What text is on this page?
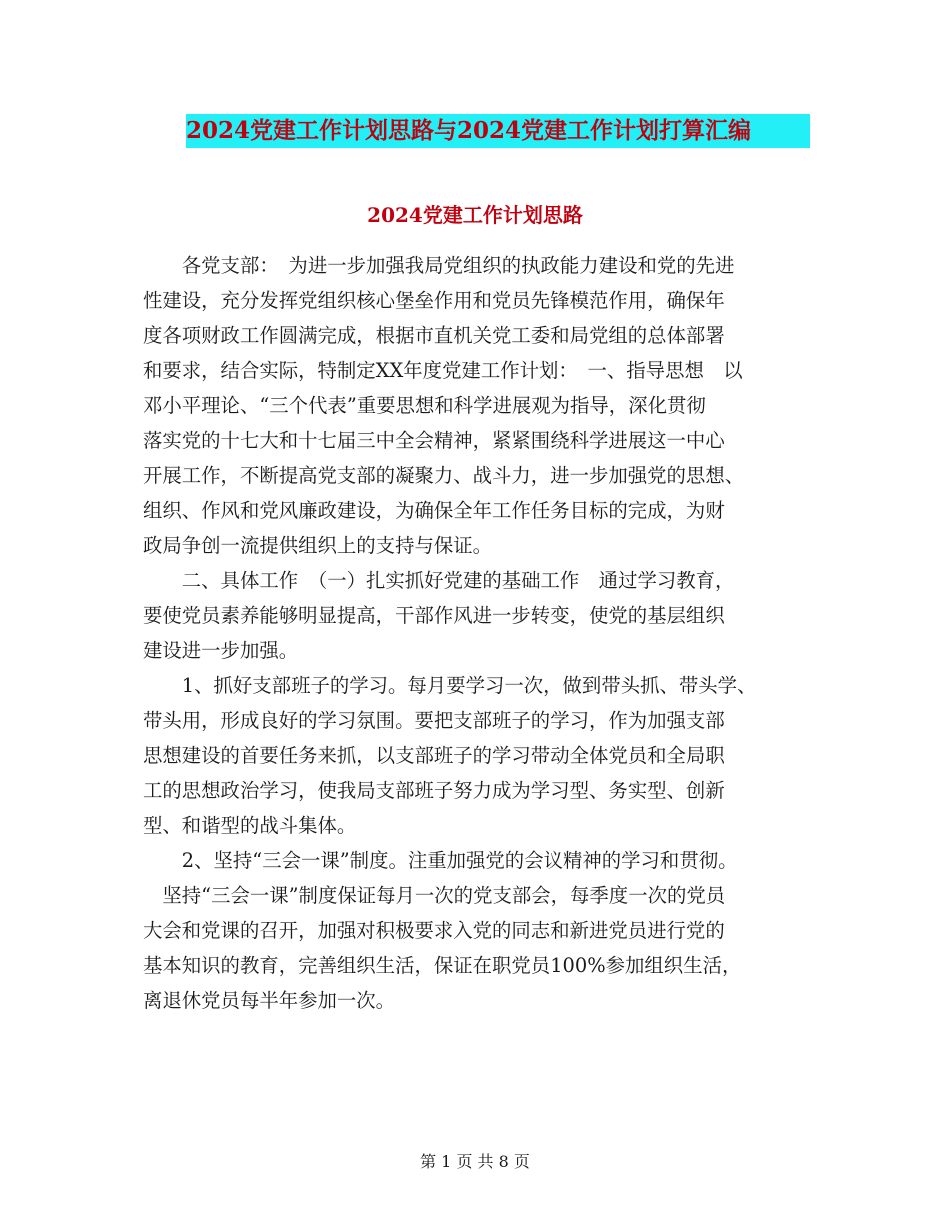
2024党建工作计划思路与2024党建工作计划打算汇编
2024党建工作计划思路
　　各党支部：　为进一步加强我局党组织的执政能力建设和党的先进
性建设，充分发挥党组织核心堡垒作用和党员先锋模范作用，确保年
度各项财政工作圆满完成，根据市直机关党工委和局党组的总体部署
和要求，结合实际，特制定XX年度党建工作计划：　一、指导思想　以
邓小平理论、“三个代表”重要思想和科学进展观为指导，深化贯彻
落实党的十七大和十七届三中全会精神，紧紧围绕科学进展这一中心
开展工作，不断提高党支部的凝聚力、战斗力，进一步加强党的思想、
组织、作风和党风廉政建设，为确保全年工作任务目标的完成，为财
政局争创一流提供组织上的支持与保证。
　　二、具体工作　（一）扎实抓好党建的基础工作　通过学习教育，
要使党员素养能够明显提高，干部作风进一步转变，使党的基层组织
建设进一步加强。
　　1、抓好支部班子的学习。每月要学习一次，做到带头抓、带头学、
带头用，形成良好的学习氛围。要把支部班子的学习，作为加强支部
思想建设的首要任务来抓，以支部班子的学习带动全体党员和全局职
工的思想政治学习，使我局支部班子努力成为学习型、务实型、创新
型、和谐型的战斗集体。
　　2、坚持“三会一课”制度。注重加强党的会议精神的学习和贯彻。
　坚持“三会一课”制度保证每月一次的党支部会，每季度一次的党员
大会和党课的召开，加强对积极要求入党的同志和新进党员进行党的
基本知识的教育，完善组织生活，保证在职党员100%参加组织生活，
离退休党员每半年参加一次。
第 1 页 共 8 页
